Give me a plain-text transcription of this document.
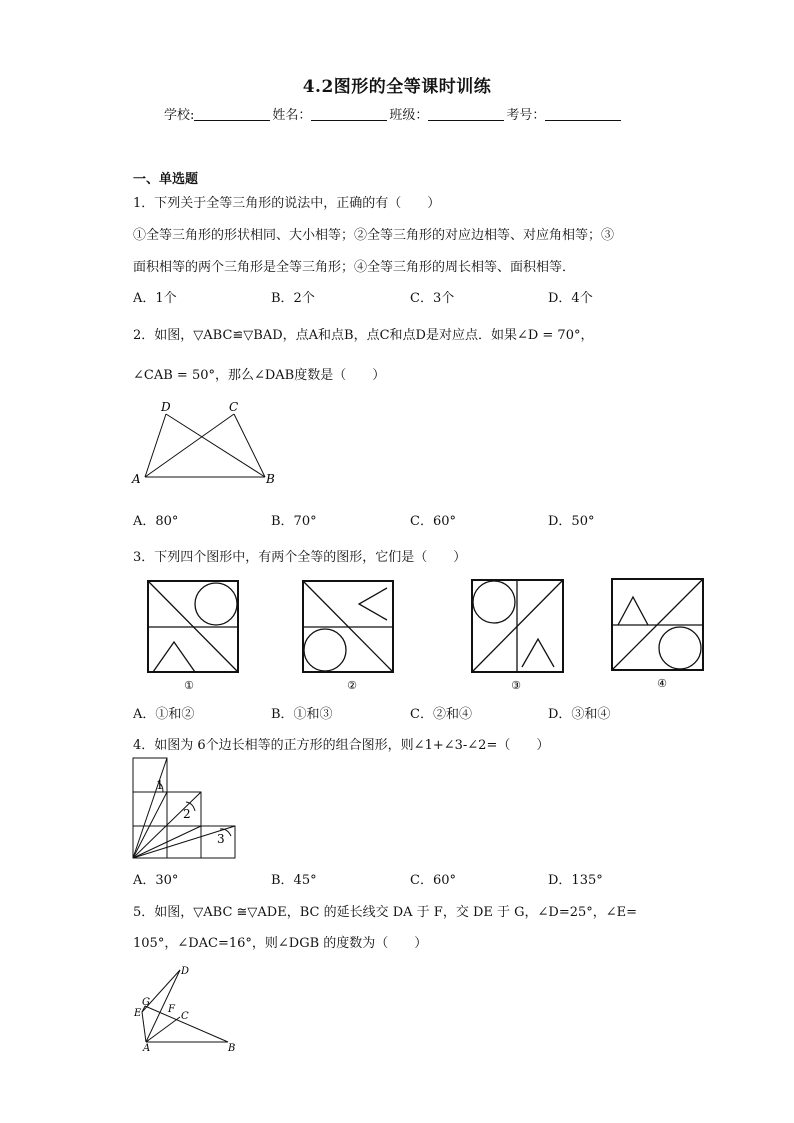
4.2图形的全等课时训练
学校:	姓名：	班级：	考号：
一、单选题
1．下列关于全等三角形的说法中，正确的有（　　）
①全等三角形的形状相同、大小相等；②全等三角形的对应边相等、对应角相等；③
面积相等的两个三角形是全等三角形；④全等三角形的周长相等、面积相等．
A．1个	B．2个	C．3个	D．4个
2．如图，▽ABC≌▽BAD，点A和点B，点C和点D是对应点．如果∠D = 70°，
∠CAB = 50°，那么∠DAB度数是（　　）
D	C
A	B
A．80°	B．70°	C．60°	D．50°
3．下列四个图形中，有两个全等的图形，它们是（　　）
①	②	③	④
A．①和②	B．①和③	C．②和④	D．③和④
4．如图为 6个边长相等的正方形的组合图形，则∠1+∠3-∠2=（　　）
1
2
3
A．30°	B．45°	C．60°	D．135°
5．如图，▽ABC ≅▽ADE，BC 的延长线交 DA 于 F，交 DE 于 G，∠D=25°，∠E=
105°，∠DAC=16°，则∠DGB 的度数为（　　）
D
G
F
E	C
A	B
